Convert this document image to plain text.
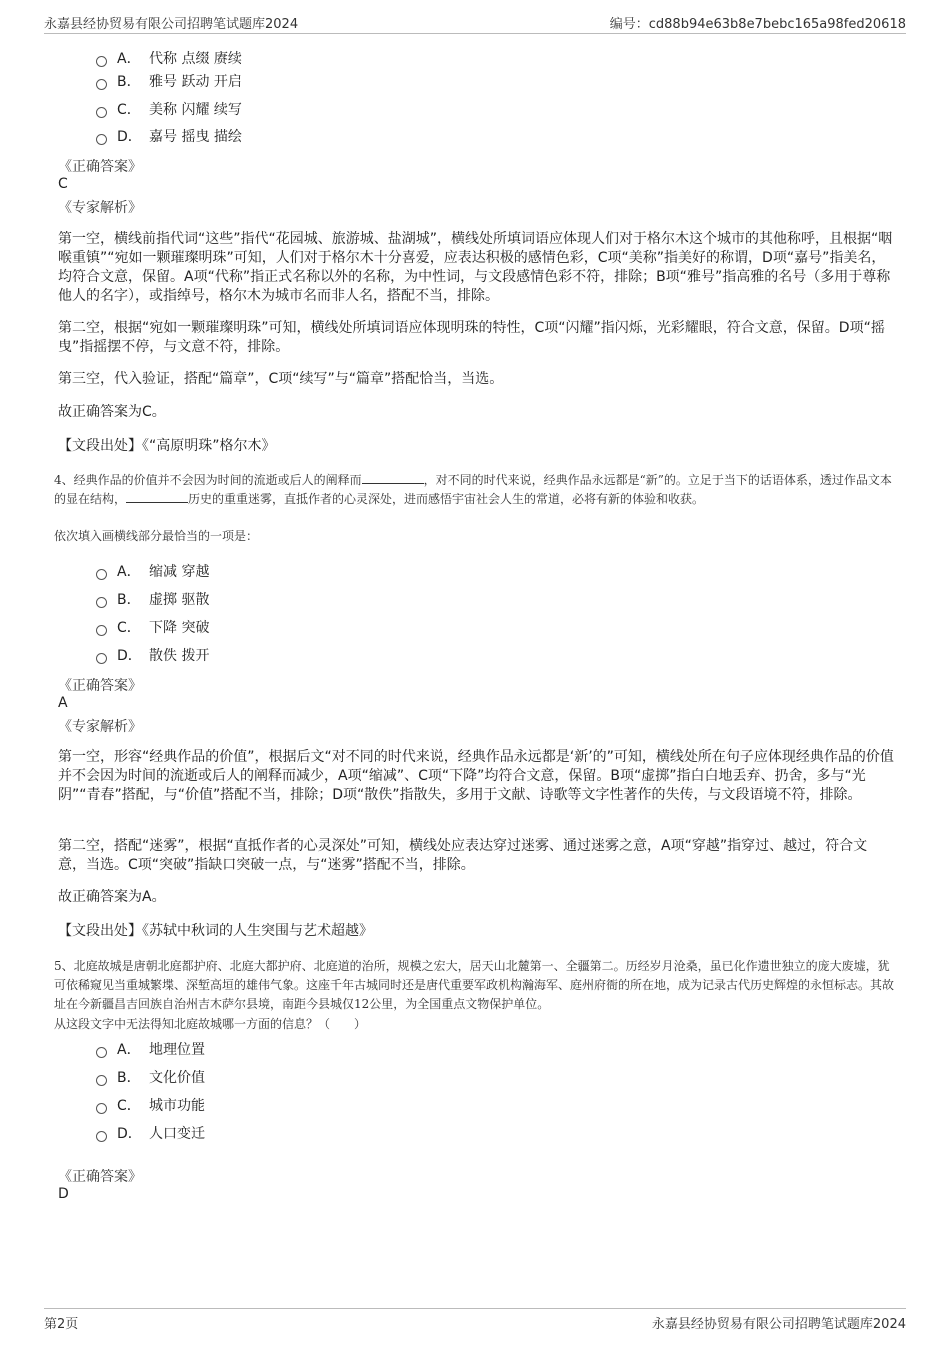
永嘉县经协贸易有限公司招聘笔试题库2024	编号：cd88b94e63b8e7bebc165a98fed20618
A． 代称 点缀 赓续
B． 雅号 跃动 开启
C． 美称 闪耀 续写
D． 嘉号 摇曳 描绘
《正确答案》
C
《专家解析》
第一空，横线前指代词“这些”指代“花园城、旅游城、盐湖城”，横线处所填词语应体现人们对于格尔木这个城市的其他称呼，且根据“咽喉重镇”“宛如一颗璀璨明珠”可知，人们对于格尔木十分喜爱，应表达积极的感情色彩，C项“美称”指美好的称谓，D项“嘉号”指美名，均符合文意，保留。A项“代称”指正式名称以外的名称，为中性词，与文段感情色彩不符，排除；B项“雅号”指高雅的名号（多用于尊称他人的名字），或指绰号，格尔木为城市名而非人名，搭配不当，排除。
第二空，根据“宛如一颗璀璨明珠”可知，横线处所填词语应体现明珠的特性，C项“闪耀”指闪烁，光彩耀眼，符合文意，保留。D项“摇曳”指摇摆不停，与文意不符，排除。
第三空，代入验证，搭配“篇章”，C项“续写”与“篇章”搭配恰当，当选。
故正确答案为C。
【文段出处】《“高原明珠”格尔木》
4、经典作品的价值并不会因为时间的流逝或后人的阐释而	，对不同的时代来说，经典作品永远都是“新”的。立足于当下的话语体系，透过作品文本的显在结构，	历史的重重迷雾，直抵作者的心灵深处，进而感悟宇宙社会人生的常道，必将有新的体验和收获。
依次填入画横线部分最恰当的一项是：
A． 缩减 穿越
B． 虚掷 驱散
C． 下降 突破
D． 散佚 拨开
《正确答案》
A
《专家解析》
第一空，形容“经典作品的价值”，根据后文“对不同的时代来说，经典作品永远都是‘新’的”可知，横线处所在句子应体现经典作品的价值并不会因为时间的流逝或后人的阐释而减少，A项“缩减”、C项“下降”均符合文意，保留。B项“虚掷”指白白地丢弃、扔舍，多与“光阴”“青春”搭配，与“价值”搭配不当，排除；D项“散佚”指散失，多用于文献、诗歌等文字性著作的失传，与文段语境不符，排除。
第二空，搭配“迷雾”，根据“直抵作者的心灵深处”可知，横线处应表达穿过迷雾、通过迷雾之意，A项“穿越”指穿过、越过，符合文意，当选。C项“突破”指缺口突破一点，与“迷雾”搭配不当，排除。
故正确答案为A。
【文段出处】《苏轼中秋词的人生突围与艺术超越》
5、北庭故城是唐朝北庭都护府、北庭大都护府、北庭道的治所，规模之宏大，居天山北麓第一、全疆第二。历经岁月沧桑，虽已化作遗世独立的庞大废墟，犹可依稀窥见当重城繁堞、深堑高垣的雄伟气象。这座千年古城同时还是唐代重要军政机构瀚海军、庭州府衙的所在地，成为记录古代历史辉煌的永恒标志。其故址在今新疆昌吉回族自治州吉木萨尔县境，南距今县城仅12公里，为全国重点文物保护单位。
从这段文字中无法得知北庭故城哪一方面的信息？（　　）
A． 地理位置
B． 文化价值
C． 城市功能
D． 人口变迁
《正确答案》
D
第2页	永嘉县经协贸易有限公司招聘笔试题库2024
